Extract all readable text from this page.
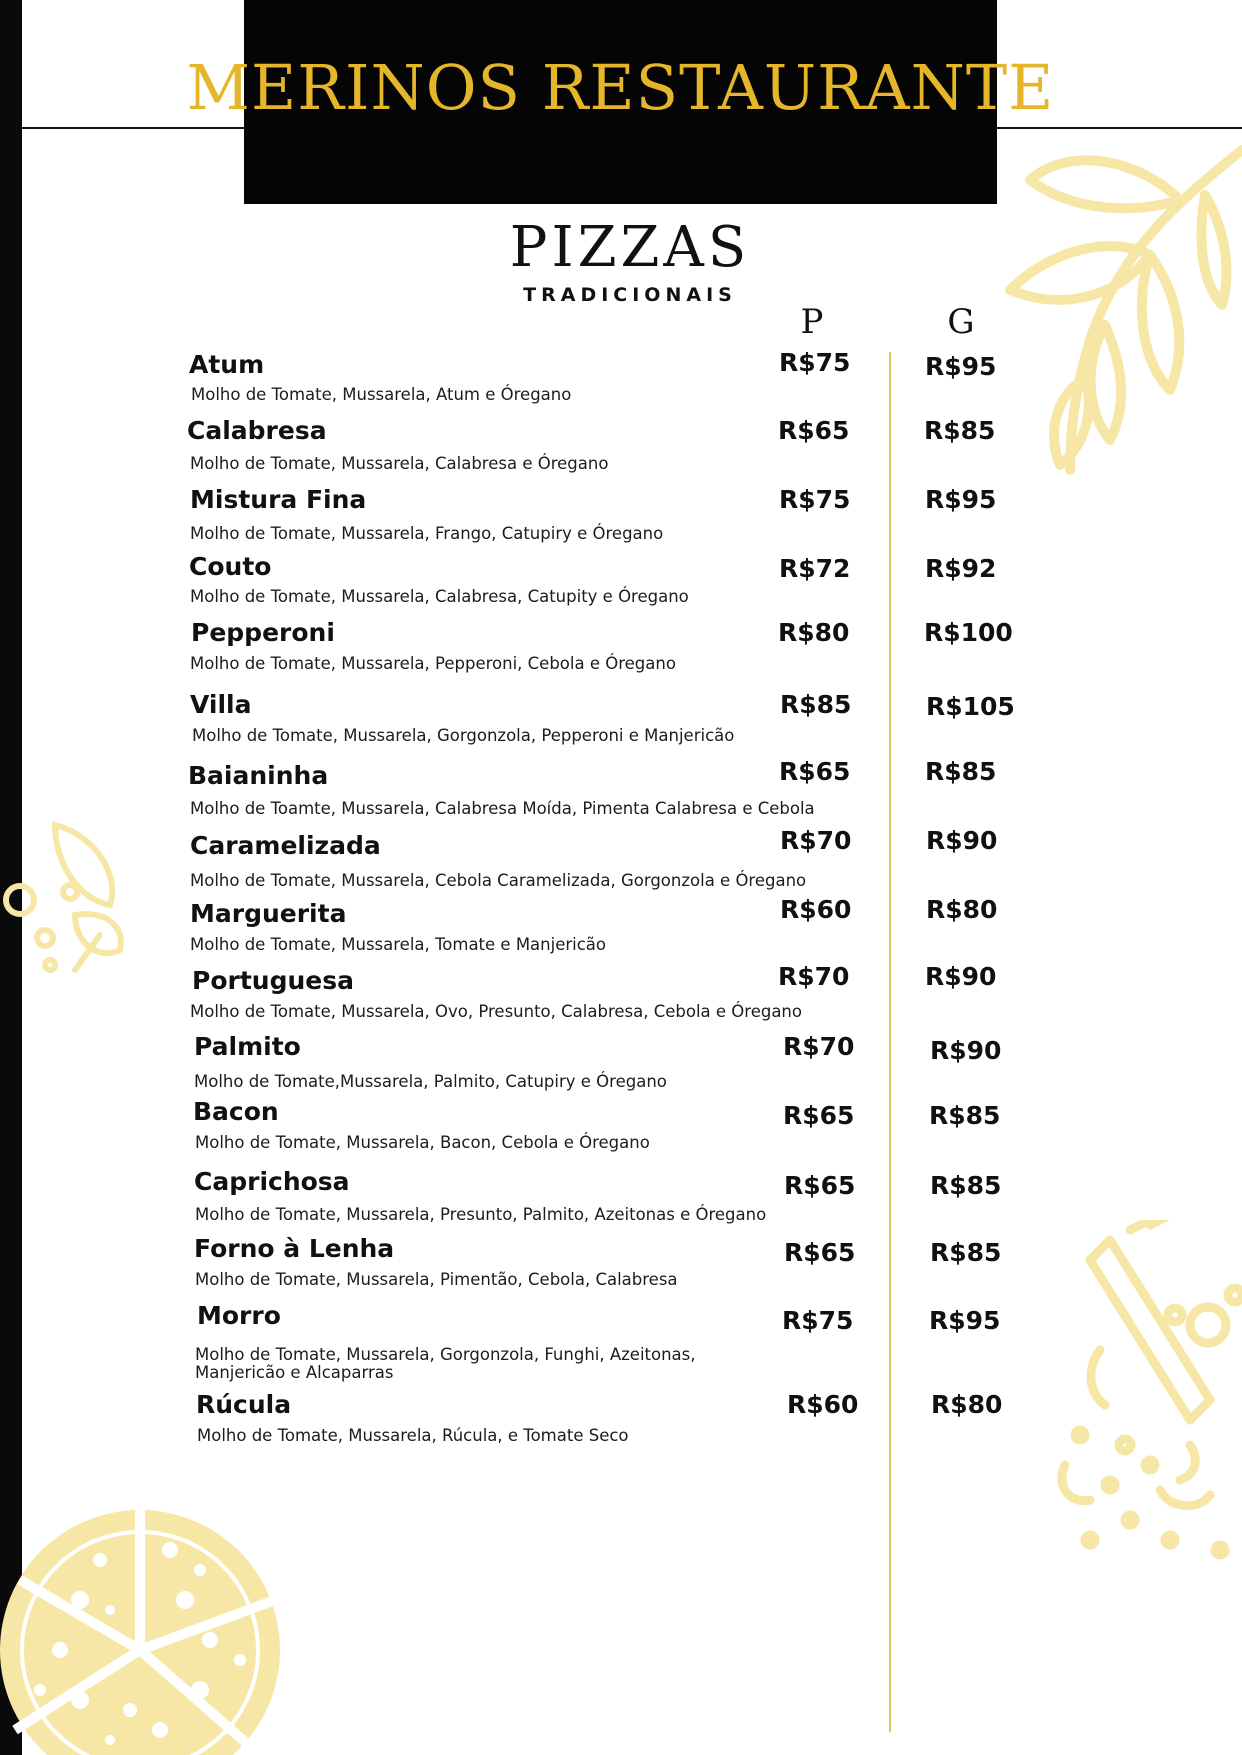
MERINOS RESTAURANTE
PIZZAS
TRADICIONAIS
P	G
Atum
Molho de Tomate, Mussarela, Atum e Óregano
R$75	R$95
Calabresa
Molho de Tomate, Mussarela, Calabresa e Óregano
R$65	R$85
Mistura Fina
Molho de Tomate, Mussarela, Frango, Catupiry e Óregano
R$75	R$95
Couto
Molho de Tomate, Mussarela, Calabresa, Catupity e Óregano
R$72	R$92
Pepperoni
Molho de Tomate, Mussarela, Pepperoni, Cebola e Óregano
R$80	R$100
Villa
Molho de Tomate, Mussarela, Gorgonzola, Pepperoni e Manjericão
R$85	R$105
Baianinha
Molho de Toamte, Mussarela, Calabresa Moída, Pimenta Calabresa e Cebola
R$65	R$85
Caramelizada
Molho de Tomate, Mussarela, Cebola Caramelizada, Gorgonzola e Óregano
R$70	R$90
Marguerita
Molho de Tomate, Mussarela, Tomate e Manjericão
R$60	R$80
Portuguesa
Molho de Tomate, Mussarela, Ovo, Presunto, Calabresa, Cebola e Óregano
R$70	R$90
Palmito
Molho de Tomate,Mussarela, Palmito, Catupiry e Óregano
R$70	R$90
Bacon
Molho de Tomate, Mussarela, Bacon, Cebola e Óregano
R$65	R$85
Caprichosa
Molho de Tomate, Mussarela, Presunto, Palmito, Azeitonas e Óregano
R$65	R$85
Forno à Lenha
Molho de Tomate, Mussarela, Pimentão, Cebola, Calabresa
R$65	R$85
Morro
Molho de Tomate, Mussarela, Gorgonzola, Funghi, Azeitonas,
Manjericão e Alcaparras
R$75	R$95
Rúcula
Molho de Tomate, Mussarela, Rúcula, e Tomate Seco
R$60	R$80
